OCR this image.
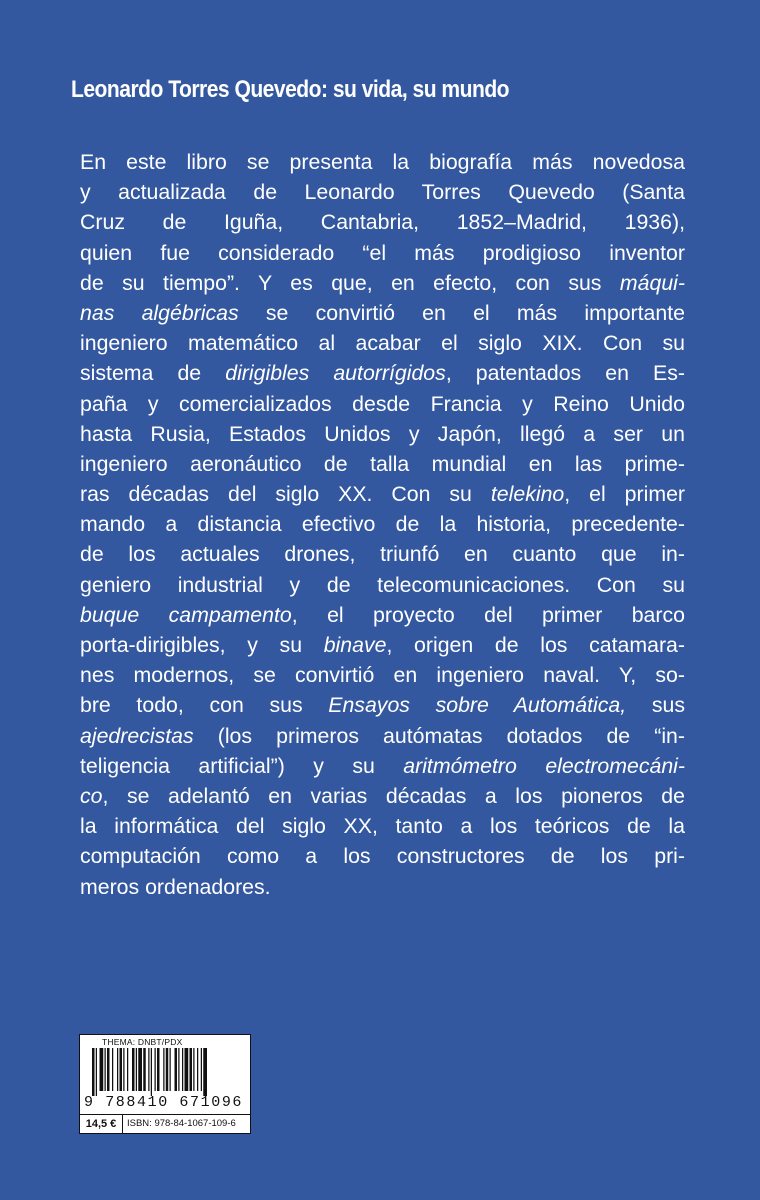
Leonardo Torres Quevedo: su vida, su mundo
En este libro se presenta la biografía más novedosa
y actualizada de Leonardo Torres Quevedo (Santa
Cruz de Iguña, Cantabria, 1852–Madrid, 1936),
quien fue considerado “el más prodigioso inventor
de su tiempo”. Y es que, en efecto, con sus máqui-
nas algébricas se convirtió en el más importante
ingeniero matemático al acabar el siglo XIX. Con su
sistema de dirigibles autorrígidos, patentados en Es-
paña y comercializados desde Francia y Reino Unido
hasta Rusia, Estados Unidos y Japón, llegó a ser un
ingeniero aeronáutico de talla mundial en las prime-
ras décadas del siglo XX. Con su telekino, el primer
mando a distancia efectivo de la historia, precedente-
de los actuales drones, triunfó en cuanto que in-
geniero industrial y de telecomunicaciones. Con su
buque campamento, el proyecto del primer barco
porta-dirigibles, y su binave, origen de los catamara-
nes modernos, se convirtió en ingeniero naval. Y, so-
bre todo, con sus Ensayos sobre Automática, sus
ajedrecistas (los primeros autómatas dotados de “in-
teligencia artificial”) y su aritmómetro electromecáni-
co, se adelantó en varias décadas a los pioneros de
la informática del siglo XX, tanto a los teóricos de la
computación como a los constructores de los pri-
meros ordenadores.
THEMA: DNBT/PDX
9 788410 671096
14,5 €	ISBN: 978-84-1067-109-6
